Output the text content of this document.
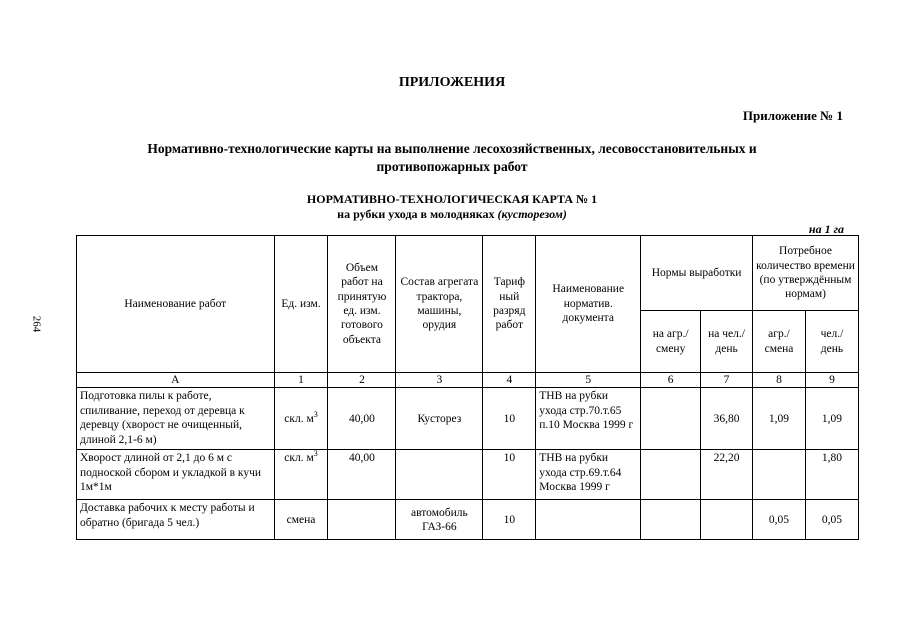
264
ПРИЛОЖЕНИЯ
Приложение № 1
Нормативно-технологические карты на выполнение лесохозяйственных, лесовосстановительных и
противопожарных работ
НОРМАТИВНО-ТЕХНОЛОГИЧЕСКАЯ КАРТА № 1
на рубки ухода в молодняках (кусторезом)
на 1 га
Наименование работ	Ед. изм.	Объем работ на принятую ед. изм. готового объекта	Состав агрегата трактора, машины, орудия	Тариф ный разряд работ	Наименование норматив. документа	Нормы выработки		Потребное количество времени (по утверждённым нормам)	
						на агр./ смену	на чел./ день	агр./ смена	чел./ день
А	1	2	3	4	5	6	7	8	9
Подготовка пилы к работе, спиливание, переход от деревца к деревцу (хворост не очищенный, длиной 2,1-6 м)	скл. $м^3$	40,00	Кусторез	10	ТНВ на рубки ухода стр.70.т.65 п.10 Москва 1999 г		36,80	1,09	1,09
Хворост длиной от 2,1 до 6 м с подноской сбором и укладкой в кучи 1м*1м	скл. $м^3$	40,00		10	ТНВ на рубки ухода стр.69.т.64 Москва 1999 г		22,20		1,80
Доставка рабочих к месту работы и обратно (бригада 5 чел.)	смена		автомобиль ГАЗ-66	10				0,05	0,05
